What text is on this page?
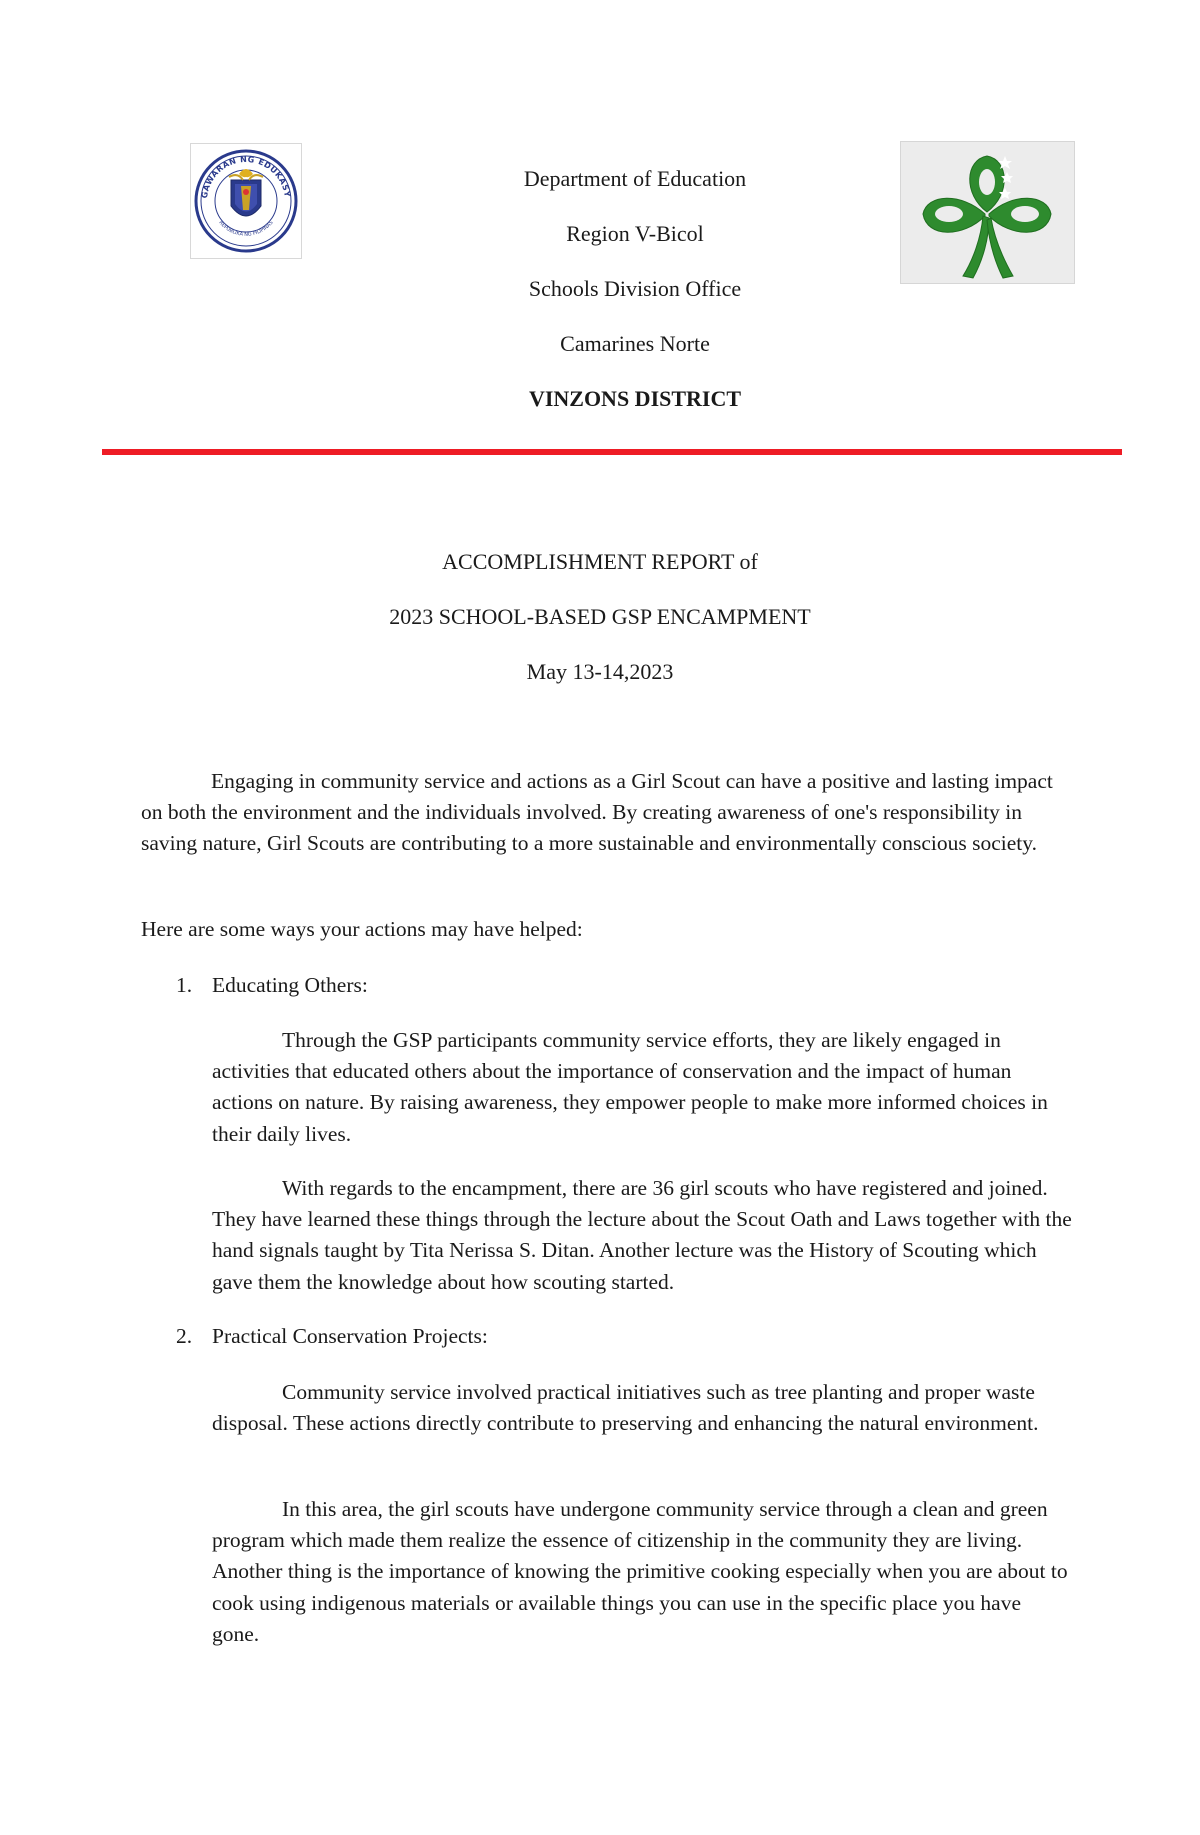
GAWARAN NG EDUKASY
REPUBLIKA NG PILIPINAS
Department of Education
Region V-Bicol
Schools Division Office
Camarines Norte
VINZONS DISTRICT
ACCOMPLISHMENT REPORT of
2023 SCHOOL-BASED GSP ENCAMPMENT
May 13-14,2023

Engaging in community service and actions as a Girl Scout can have a positive and lasting impact on both the environment and the individuals involved. By creating awareness of one's responsibility in saving nature, Girl Scouts are contributing to a more sustainable and environmentally conscious society.

Here are some ways your actions may have helped:

1. Educating Others:

Through the GSP participants community service efforts, they are likely engaged in activities that educated others about the importance of conservation and the impact of human actions on nature. By raising awareness, they empower people to make more informed choices in their daily lives.

With regards to the encampment, there are 36 girl scouts who have registered and joined. They have learned these things through the lecture about the Scout Oath and Laws together with the hand signals taught by Tita Nerissa S. Ditan. Another lecture was the History of Scouting which gave them the knowledge about how scouting started.

2. Practical Conservation Projects:

Community service involved practical initiatives such as tree planting and proper waste disposal. These actions directly contribute to preserving and enhancing the natural environment.

In this area, the girl scouts have undergone community service through a clean and green program which made them realize the essence of citizenship in the community they are living. Another thing is the importance of knowing the primitive cooking especially when you are about to cook using indigenous materials or available things you can use in the specific place you have gone.
